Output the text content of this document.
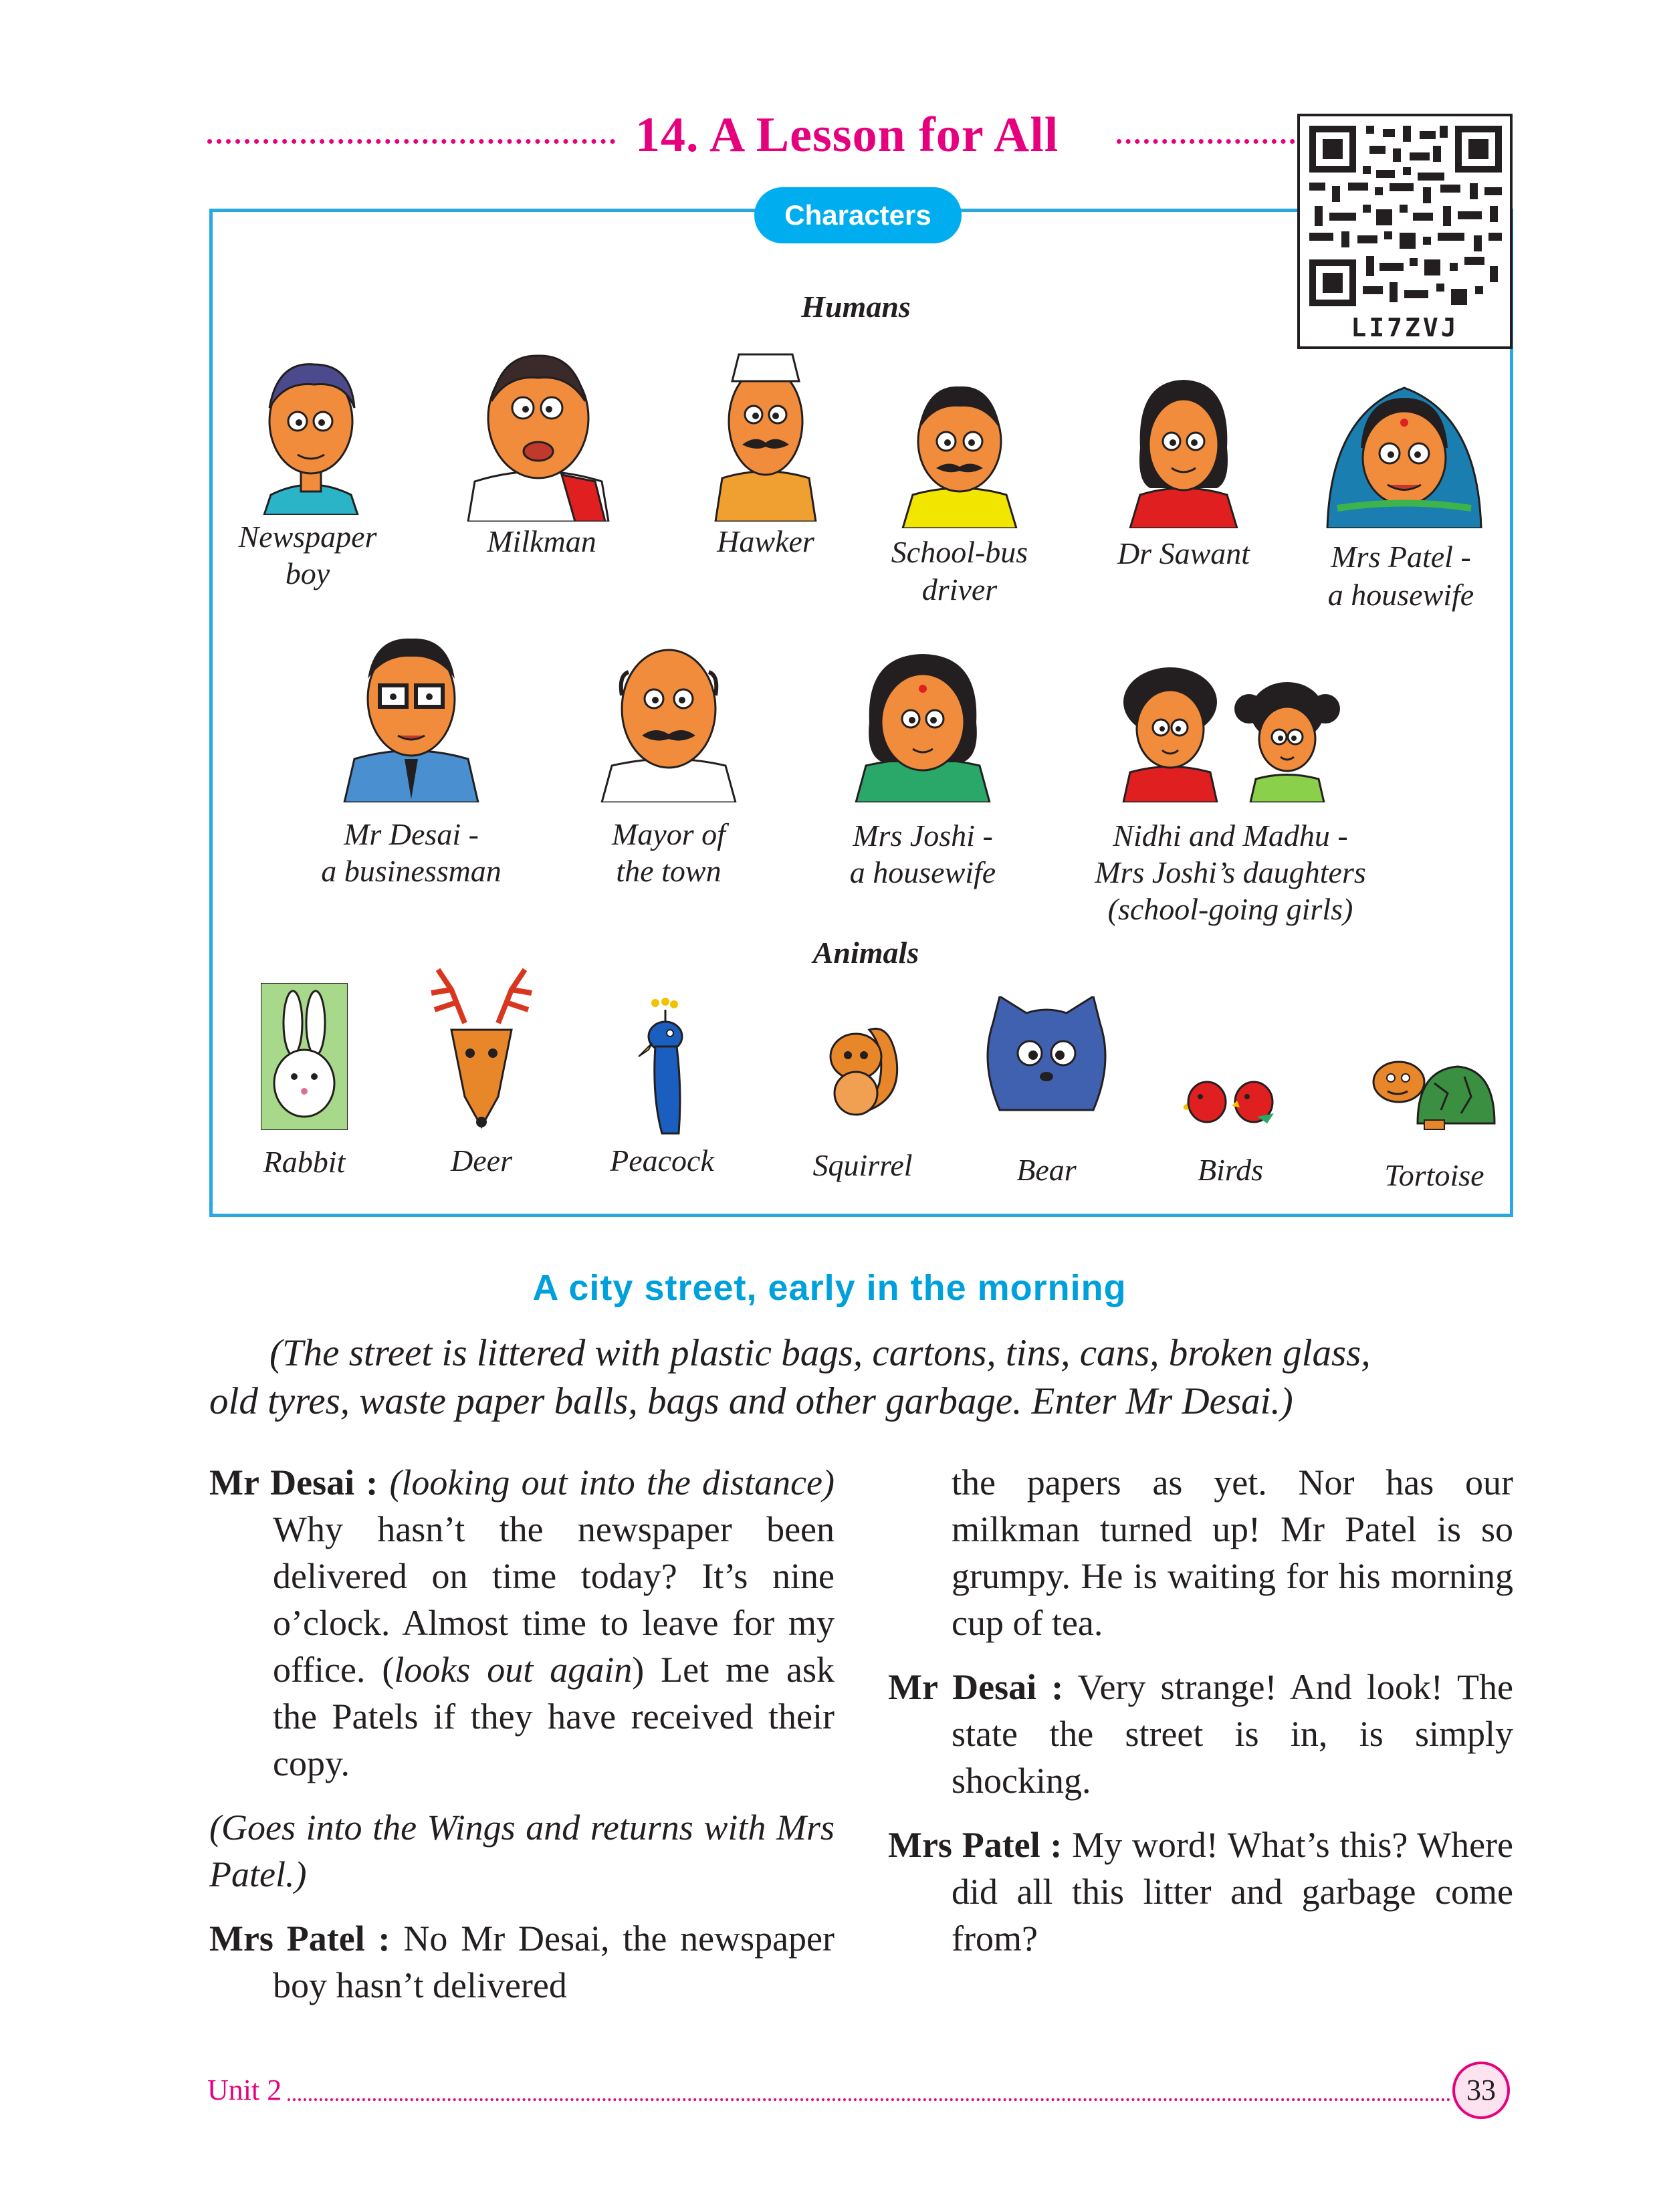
14. A Lesson for All
LI7ZVJ
Characters
Humans
Newspaper
boy
Milkman	Hawker	School-bus
driver
Dr Sawant	Mrs Patel -
a housewife
Mr Desai -
a businessman
Mayor of
the town
Mrs Joshi -
a housewife
Nidhi and Madhu -
Mrs Joshi’s daughters
(school-going girls)
Animals
Rabbit	Deer	Peacock	Squirrel	Bear	Birds	Tortoise
A city street, early in the morning
(The street is littered with plastic bags, cartons, tins, cans, broken glass,
old tyres, waste paper balls, bags and other garbage. Enter Mr Desai.)

Mr Desai : (looking out into the distance) Why hasn’t the newspaper been delivered on time today? It’s nine o’clock. Almost time to leave for my office. (looks out again) Let me ask the Patels if they have received their copy.

(Goes into the Wings and returns with Mrs Patel.)

Mrs Patel : No Mr Desai, the newspaper boy hasn’t delivered

the papers as yet. Nor has our milkman turned up! Mr Patel is so grumpy. He is waiting for his morning cup of tea.

Mr Desai : Very strange! And look! The state the street is in, is simply shocking.

Mrs Patel : My word! What’s this? Where did all this litter and garbage come from?

Unit 2	33
